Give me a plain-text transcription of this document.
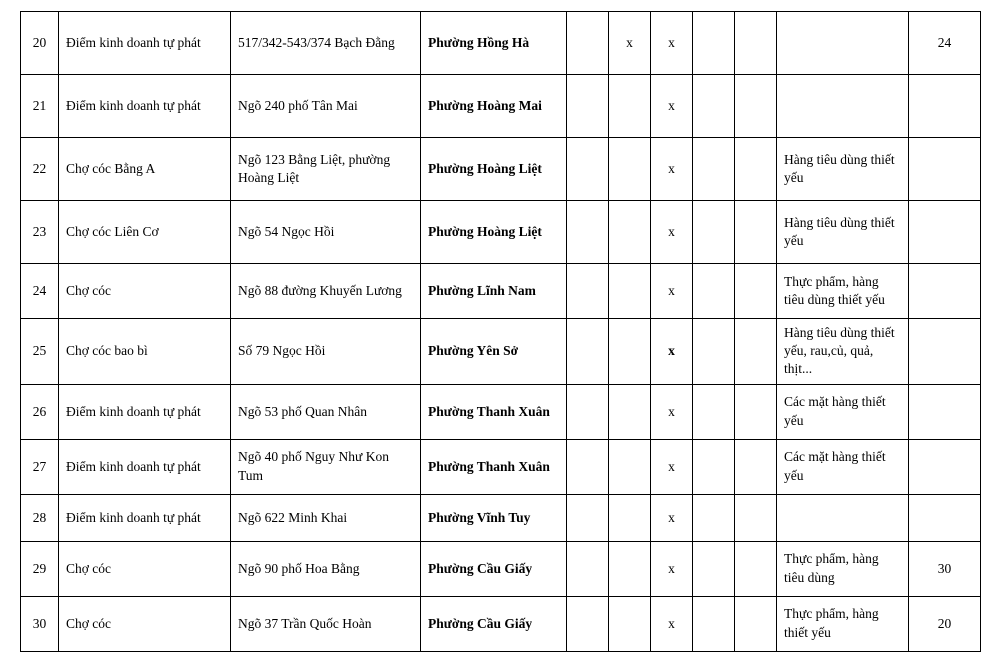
20	Điểm kinh doanh tự phát	517/342-543/374 Bạch Đằng	Phường Hồng Hà		x	x				24
21	Điểm kinh doanh tự phát	Ngõ 240 phố Tân Mai	Phường Hoàng Mai			x				
22	Chợ cóc Bằng A	Ngõ 123 Bằng Liệt, phường Hoàng Liệt	Phường Hoàng Liệt			x			Hàng tiêu dùng thiết yếu	
23	Chợ cóc Liên Cơ	Ngõ 54 Ngọc Hồi	Phường Hoàng Liệt			x			Hàng tiêu dùng thiết yếu	
24	Chợ cóc	Ngõ 88 đường Khuyến Lương	Phường Lĩnh Nam			x			Thực phẩm, hàng tiêu dùng thiết yếu	
25	Chợ cóc bao bì	Số 79 Ngọc Hồi	Phường Yên Sở			x			Hàng tiêu dùng thiết yếu, rau,củ, quả, thịt...	
26	Điểm kinh doanh tự phát	Ngõ 53 phố Quan Nhân	Phường Thanh Xuân			x			Các mặt hàng thiết yếu	
27	Điểm kinh doanh tự phát	Ngõ 40 phố Nguy Như Kon Tum	Phường Thanh Xuân			x			Các mặt hàng thiết yếu	
28	Điểm kinh doanh tự phát	Ngõ 622 Minh Khai	Phường Vĩnh Tuy			x				
29	Chợ cóc	Ngõ 90 phố Hoa Bằng	Phường Cầu Giấy			x			Thực phẩm, hàng tiêu dùng	30
30	Chợ cóc	Ngõ 37 Trần Quốc Hoàn	Phường Cầu Giấy			x			Thực phẩm, hàng thiết yếu	20
